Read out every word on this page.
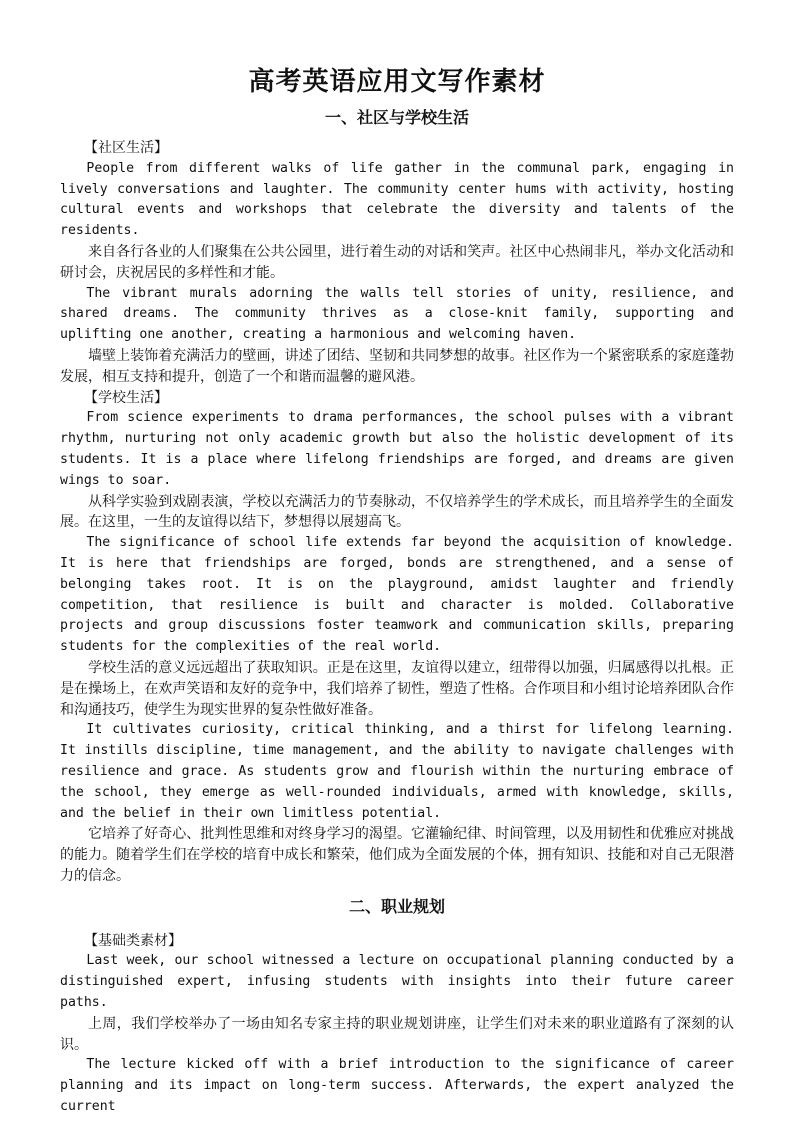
高考英语应用文写作素材
一、社区与学校生活
【社区生活】

People from different walks of life gather in the communal park, engaging in lively conversations and laughter. The community center hums with activity, hosting cultural events and workshops that celebrate the diversity and talents of the residents.

来自各行各业的人们聚集在公共公园里，进行着生动的对话和笑声。社区中心热闹非凡，举办文化活动和研讨会，庆祝居民的多样性和才能。

The vibrant murals adorning the walls tell stories of unity, resilience, and shared dreams. The community thrives as a close-knit family, supporting and uplifting one another, creating a harmonious and welcoming haven.

墙壁上装饰着充满活力的壁画，讲述了团结、坚韧和共同梦想的故事。社区作为一个紧密联系的家庭蓬勃发展，相互支持和提升，创造了一个和谐而温馨的避风港。

【学校生活】

From science experiments to drama performances, the school pulses with a vibrant rhythm, nurturing not only academic growth but also the holistic development of its students. It is a place where lifelong friendships are forged, and dreams are given wings to soar.

从科学实验到戏剧表演，学校以充满活力的节奏脉动，不仅培养学生的学术成长，而且培养学生的全面发展。在这里，一生的友谊得以结下，梦想得以展翅高飞。

The significance of school life extends far beyond the acquisition of knowledge. It is here that friendships are forged, bonds are strengthened, and a sense of belonging takes root. It is on the playground, amidst laughter and friendly competition, that resilience is built and character is molded. Collaborative projects and group discussions foster teamwork and communication skills, preparing students for the complexities of the real world.

学校生活的意义远远超出了获取知识。正是在这里，友谊得以建立，纽带得以加强，归属感得以扎根。正是在操场上，在欢声笑语和友好的竞争中，我们培养了韧性，塑造了性格。合作项目和小组讨论培养团队合作和沟通技巧，使学生为现实世界的复杂性做好准备。

It cultivates curiosity, critical thinking, and a thirst for lifelong learning. It instills discipline, time management, and the ability to navigate challenges with resilience and grace. As students grow and flourish within the nurturing embrace of the school, they emerge as well-rounded individuals, armed with knowledge, skills, and the belief in their own limitless potential.

它培养了好奇心、批判性思维和对终身学习的渴望。它灌输纪律、时间管理，以及用韧性和优雅应对挑战的能力。随着学生们在学校的培育中成长和繁荣，他们成为全面发展的个体，拥有知识、技能和对自己无限潜力的信念。

二、职业规划
【基础类素材】

Last week, our school witnessed a lecture on occupational planning conducted by a distinguished expert, infusing students with insights into their future career paths.

上周，我们学校举办了一场由知名专家主持的职业规划讲座，让学生们对未来的职业道路有了深刻的认识。

The lecture kicked off with a brief introduction to the significance of career planning and its impact on long-term success. Afterwards, the expert analyzed the current
